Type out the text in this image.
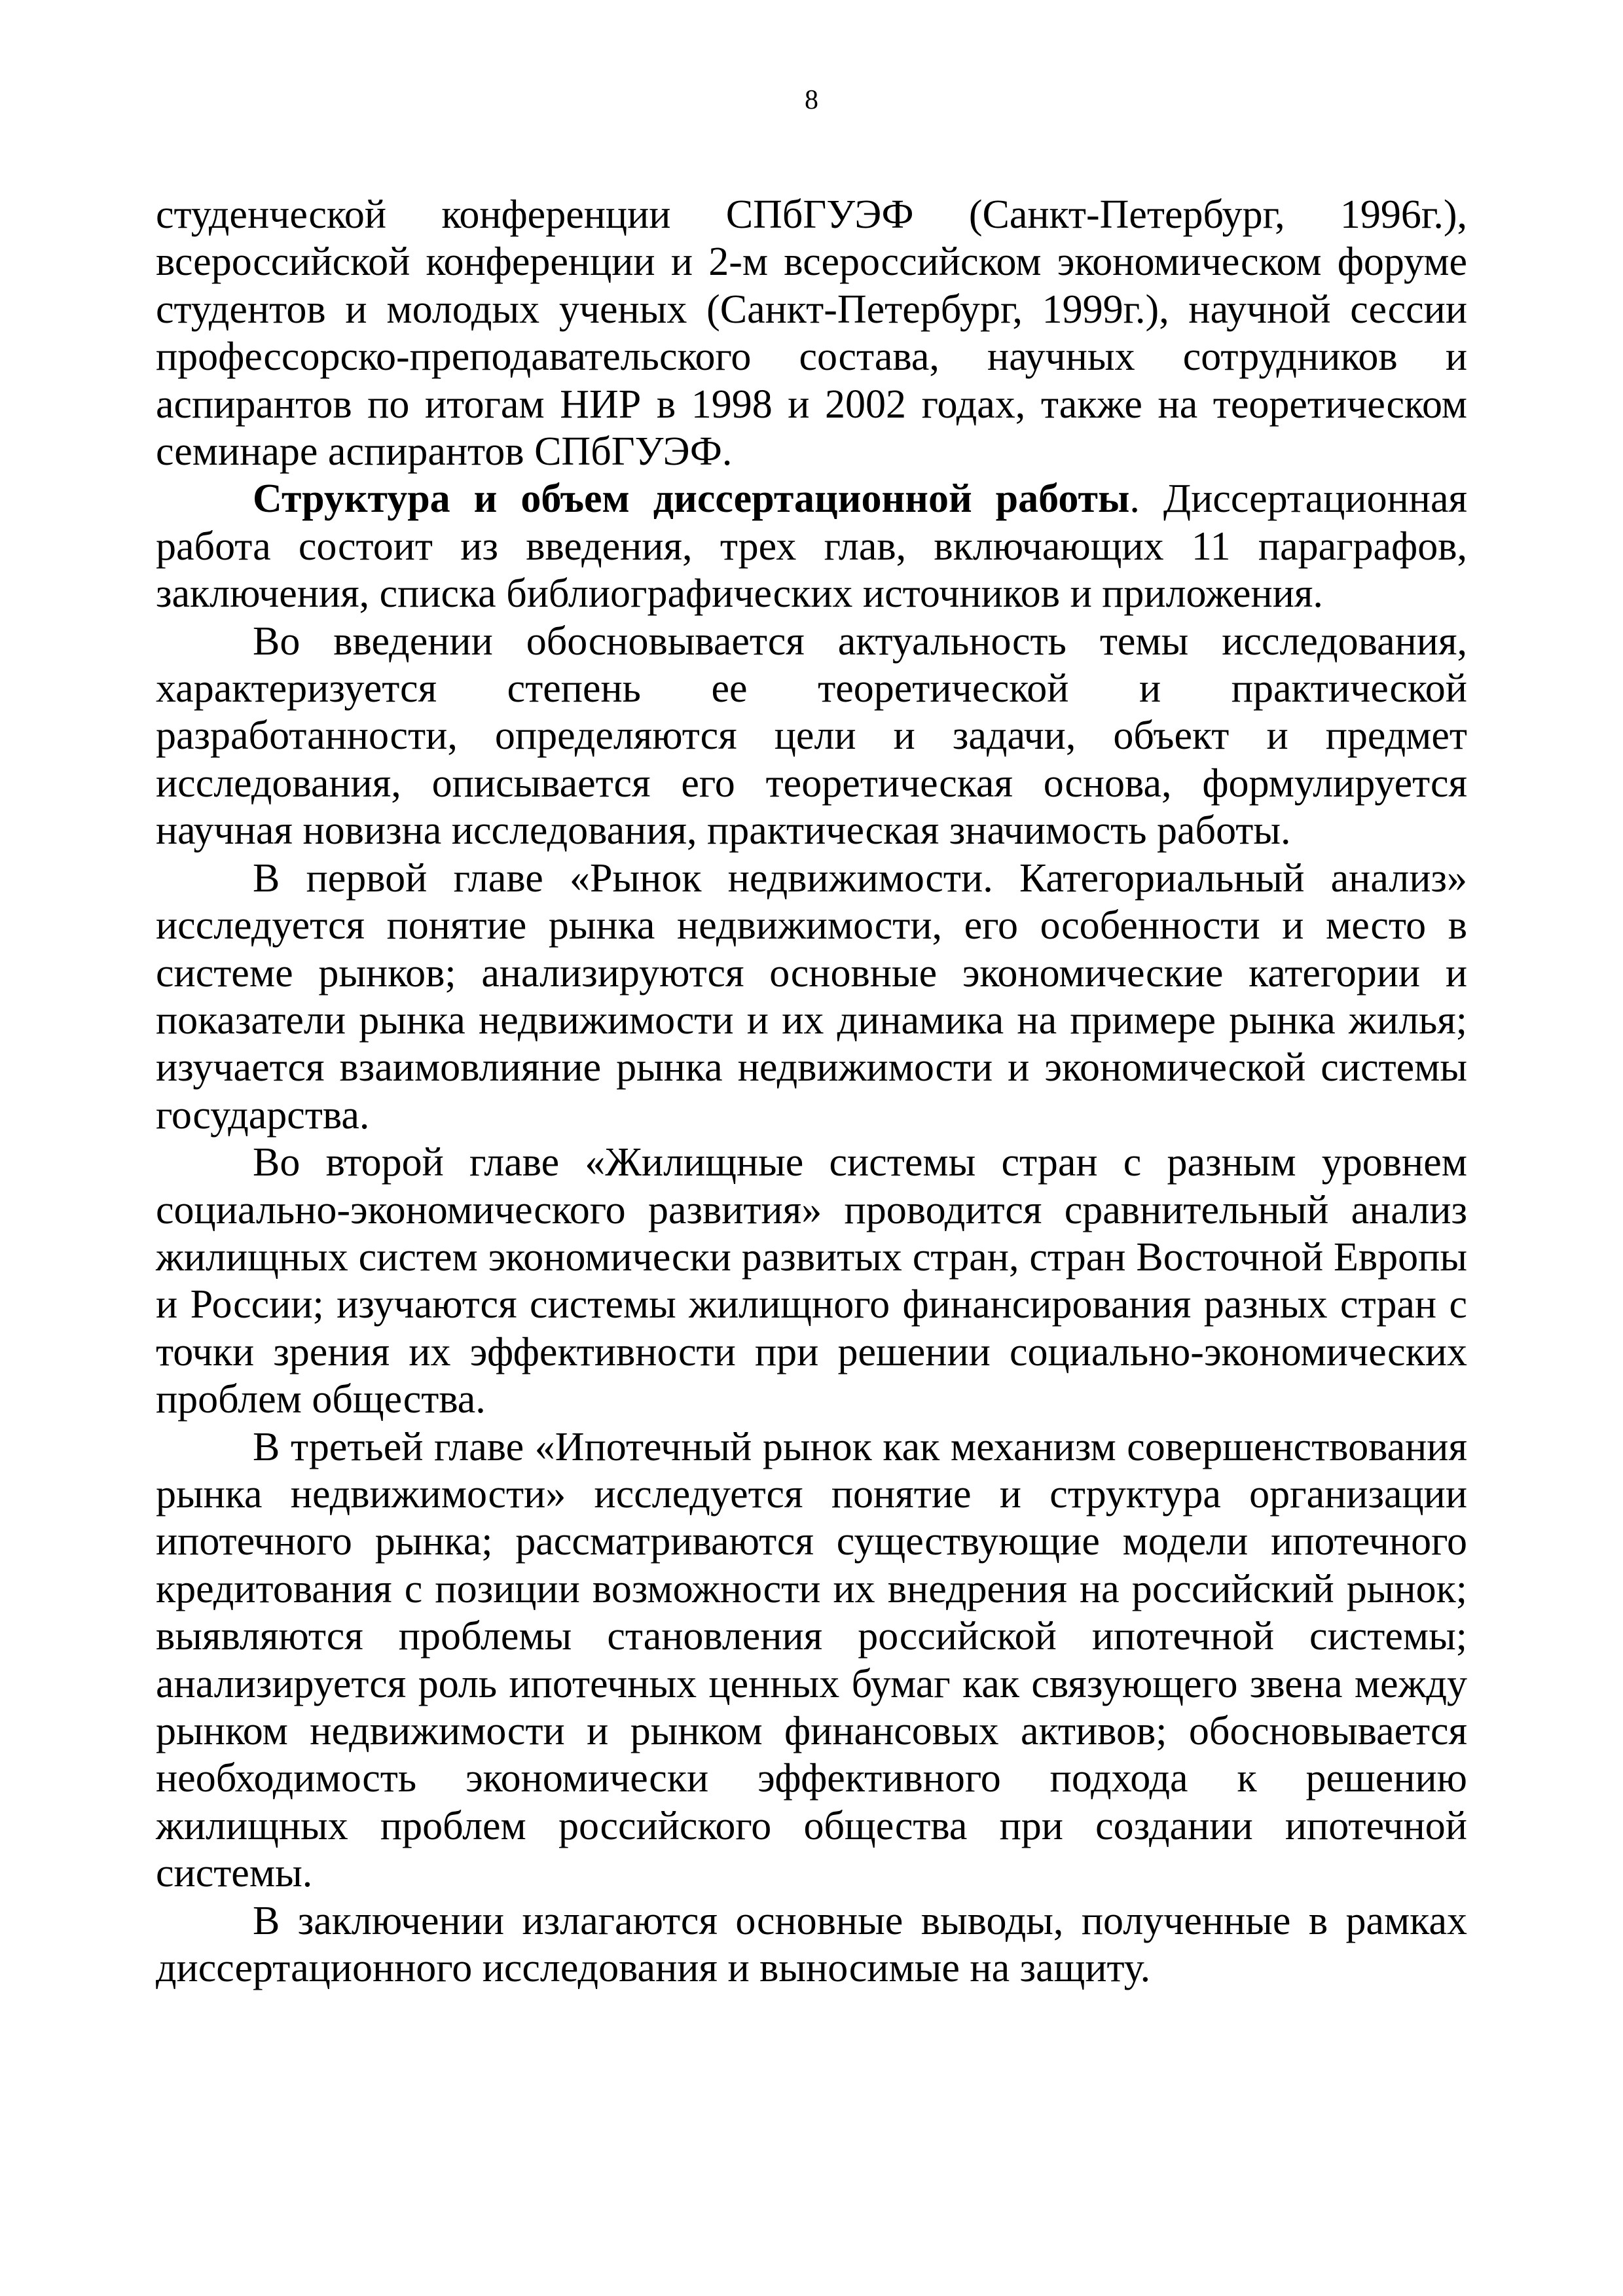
8

студенческой конференции СПбГУЭФ (Санкт-Петербург, 1996г.), всероссийской конференции и 2-м всероссийском экономическом форуме студентов и молодых ученых (Санкт-Петербург, 1999г.), научной сессии профессорско-преподавательского состава, научных сотрудников и аспирантов по итогам НИР в 1998 и 2002 годах, также на теоретическом семинаре аспирантов СПбГУЭФ.

Структура и объем диссертационной работы. Диссертационная работа состоит из введения, трех глав, включающих 11 параграфов, заключения, списка библиографических источников и приложения.

Во введении обосновывается актуальность темы исследования, характеризуется степень ее теоретической и практической разработанности, определяются цели и задачи, объект и предмет исследования, описывается его теоретическая основа, формулируется научная новизна исследования, практическая значимость работы.

В первой главе «Рынок недвижимости. Категориальный анализ» исследуется понятие рынка недвижимости, его особенности и место в системе рынков; анализируются основные экономические категории и показатели рынка недвижимости и их динамика на примере рынка жилья; изучается взаимовлияние рынка недвижимости и экономической системы государства.

Во второй главе «Жилищные системы стран с разным уровнем социально-экономического развития» проводится сравнительный анализ жилищных систем экономически развитых стран, стран Восточной Европы и России; изучаются системы жилищного финансирования разных стран с точки зрения их эффективности при решении социально-экономических проблем общества.

В третьей главе «Ипотечный рынок как механизм совершенствования рынка недвижимости» исследуется понятие и структура организации ипотечного рынка; рассматриваются существующие модели ипотечного кредитования с позиции возможности их внедрения на российский рынок; выявляются проблемы становления российской ипотечной системы; анализируется роль ипотечных ценных бумаг как связующего звена между рынком недвижимости и рынком финансовых активов; обосновывается необходимость экономически эффективного подхода к решению жилищных проблем российского общества при создании ипотечной системы.

В заключении излагаются основные выводы, полученные в рамках диссертационного исследования и выносимые на защиту.
